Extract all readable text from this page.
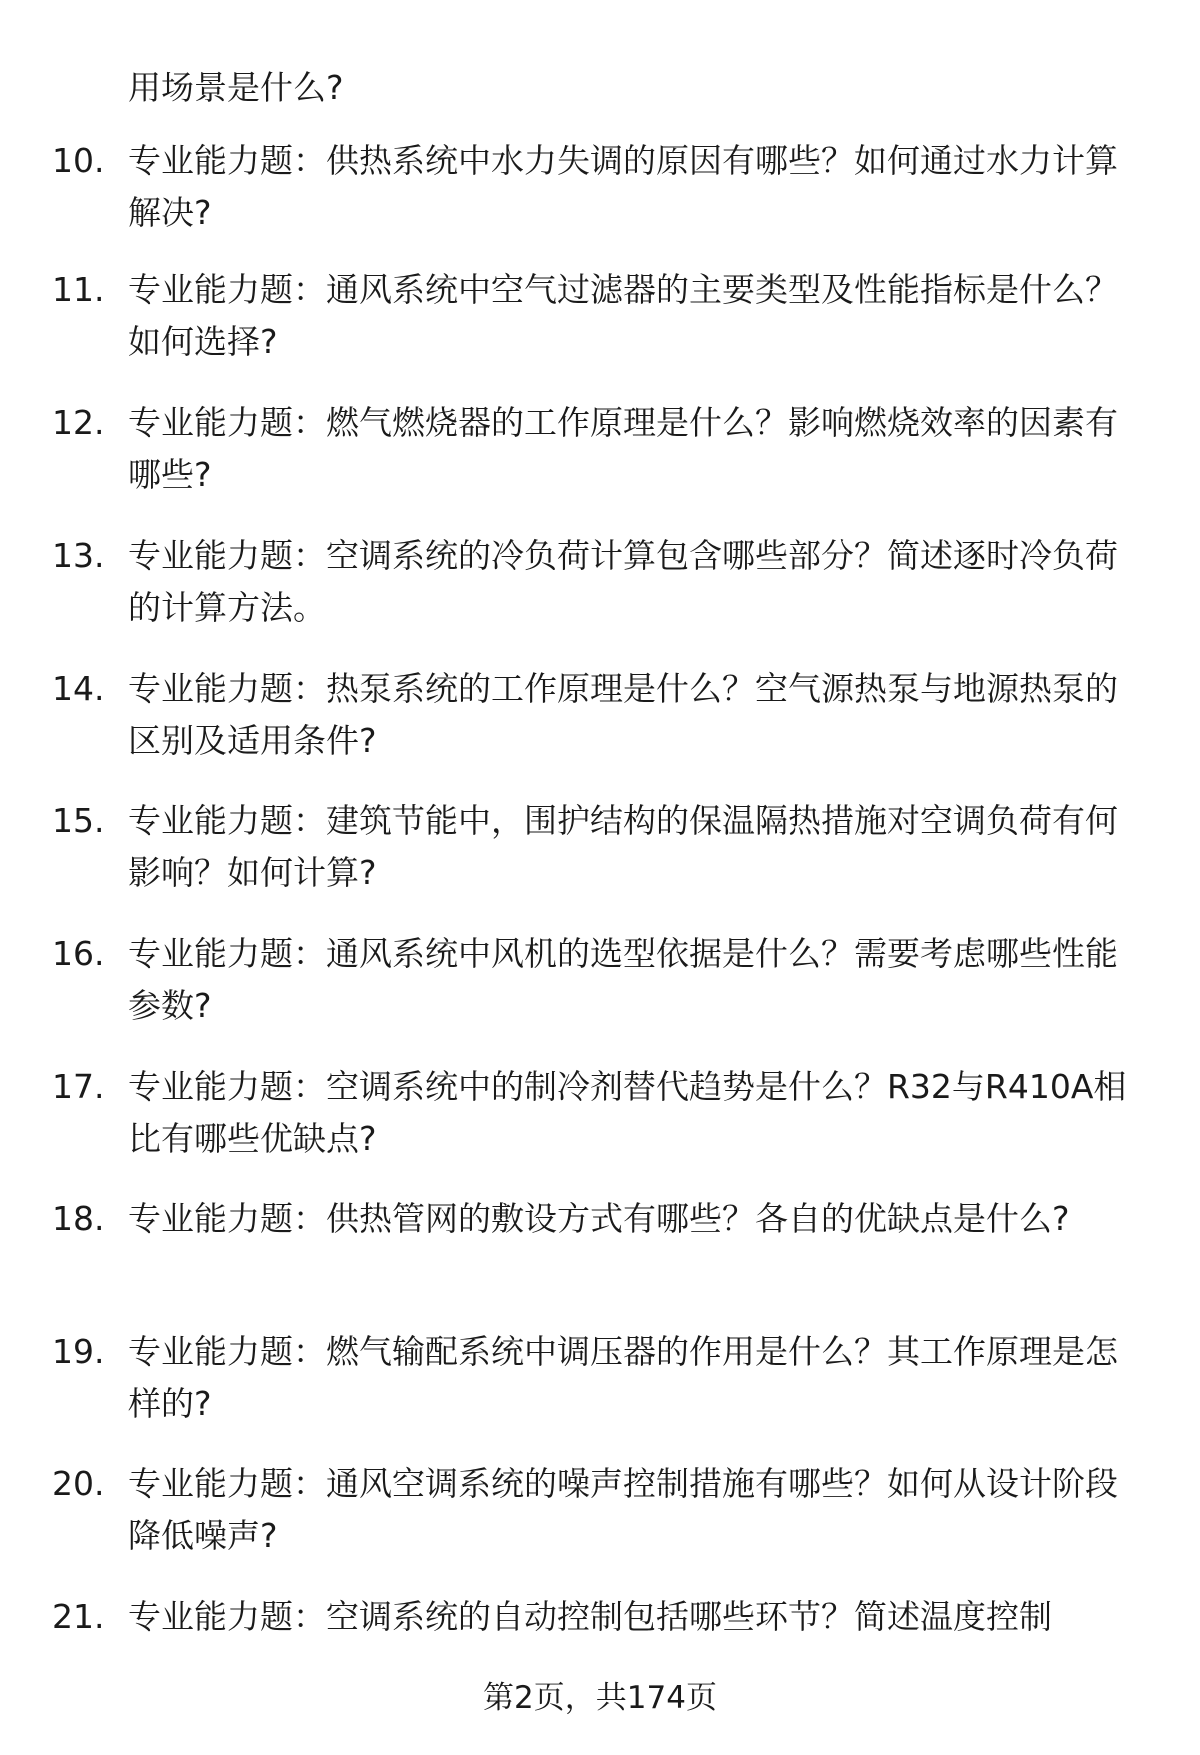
用场景是什么?
10. 专业能力题：供热系统中水力失调的原因有哪些？如何通过水力计算解决?
11. 专业能力题：通风系统中空气过滤器的主要类型及性能指标是什么？如何选择?
12. 专业能力题：燃气燃烧器的工作原理是什么？影响燃烧效率的因素有哪些?
13. 专业能力题：空调系统的冷负荷计算包含哪些部分？简述逐时冷负荷的计算方法。
14. 专业能力题：热泵系统的工作原理是什么？空气源热泵与地源热泵的区别及适用条件?
15. 专业能力题：建筑节能中，围护结构的保温隔热措施对空调负荷有何影响？如何计算?
16. 专业能力题：通风系统中风机的选型依据是什么？需要考虑哪些性能参数?
17. 专业能力题：空调系统中的制冷剂替代趋势是什么？R32与R410A相比有哪些优缺点?
18. 专业能力题：供热管网的敷设方式有哪些？各自的优缺点是什么?
19. 专业能力题：燃气输配系统中调压器的作用是什么？其工作原理是怎样的?
20. 专业能力题：通风空调系统的噪声控制措施有哪些？如何从设计阶段降低噪声?
21. 专业能力题：空调系统的自动控制包括哪些环节？简述温度控制
第2页，共174页
